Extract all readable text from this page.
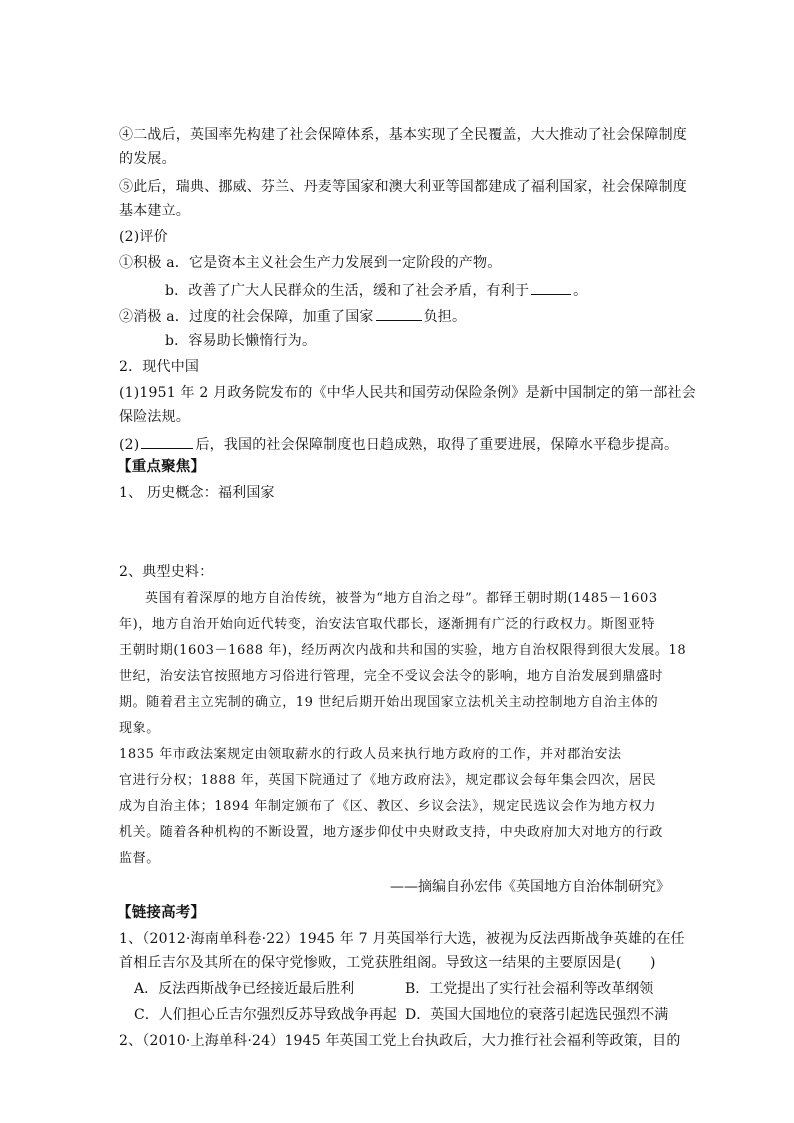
④二战后，英国率先构建了社会保障体系，基本实现了全民覆盖，大大推动了社会保障制度
的发展。
⑤此后，瑞典、挪威、芬兰、丹麦等国家和澳大利亚等国都建成了福利国家，社会保障制度
基本建立。
(2)评价
①积极 a．它是资本主义社会生产力发展到一定阶段的产物。
b．改善了广大人民群众的生活，缓和了社会矛盾，有利于	。
②消极 a．过度的社会保障，加重了国家	负担。
b．容易助长懒惰行为。
2．现代中国
(1)1951 年 2 月政务院发布的《中华人民共和国劳动保险条例》是新中国制定的第一部社会
保险法规。
(2)	后，我国的社会保障制度也日趋成熟，取得了重要进展，保障水平稳步提高。
【重点聚焦】
1、 历史概念：福利国家
2、典型史料：
英国有着深厚的地方自治传统，被誉为“地方自治之母”。都铎王朝时期(1485－1603
年)，地方自治开始向近代转变，治安法官取代郡长，逐渐拥有广泛的行政权力。斯图亚特
王朝时期(1603－1688 年)，经历两次内战和共和国的实验，地方自治权限得到很大发展。18
世纪，治安法官按照地方习俗进行管理，完全不受议会法令的影响，地方自治发展到鼎盛时
期。随着君主立宪制的确立，19 世纪后期开始出现国家立法机关主动控制地方自治主体的
现象。
1835 年市政法案规定由领取薪水的行政人员来执行地方政府的工作，并对郡治安法
官进行分权；1888 年，英国下院通过了《地方政府法》，规定郡议会每年集会四次，居民
成为自治主体；1894 年制定颁布了《区、教区、乡议会法》，规定民选议会作为地方权力
机关。随着各种机构的不断设置，地方逐步仰仗中央财政支持，中央政府加大对地方的行政
监督。
——摘编自孙宏伟《英国地方自治体制研究》
【链接高考】
1、（2012·海南单科卷·22）1945 年 7 月英国举行大选，被视为反法西斯战争英雄的在任
首相丘吉尔及其所在的保守党惨败，工党获胜组阁。导致这一结果的主要原因是(　　)
A．反法西斯战争已经接近最后胜利	B．工党提出了实行社会福利等改革纲领
C．人们担心丘吉尔强烈反苏导致战争再起 D．英国大国地位的衰落引起选民强烈不满
2、（2010·上海单科·24）1945 年英国工党上台执政后，大力推行社会福利等政策，目的
